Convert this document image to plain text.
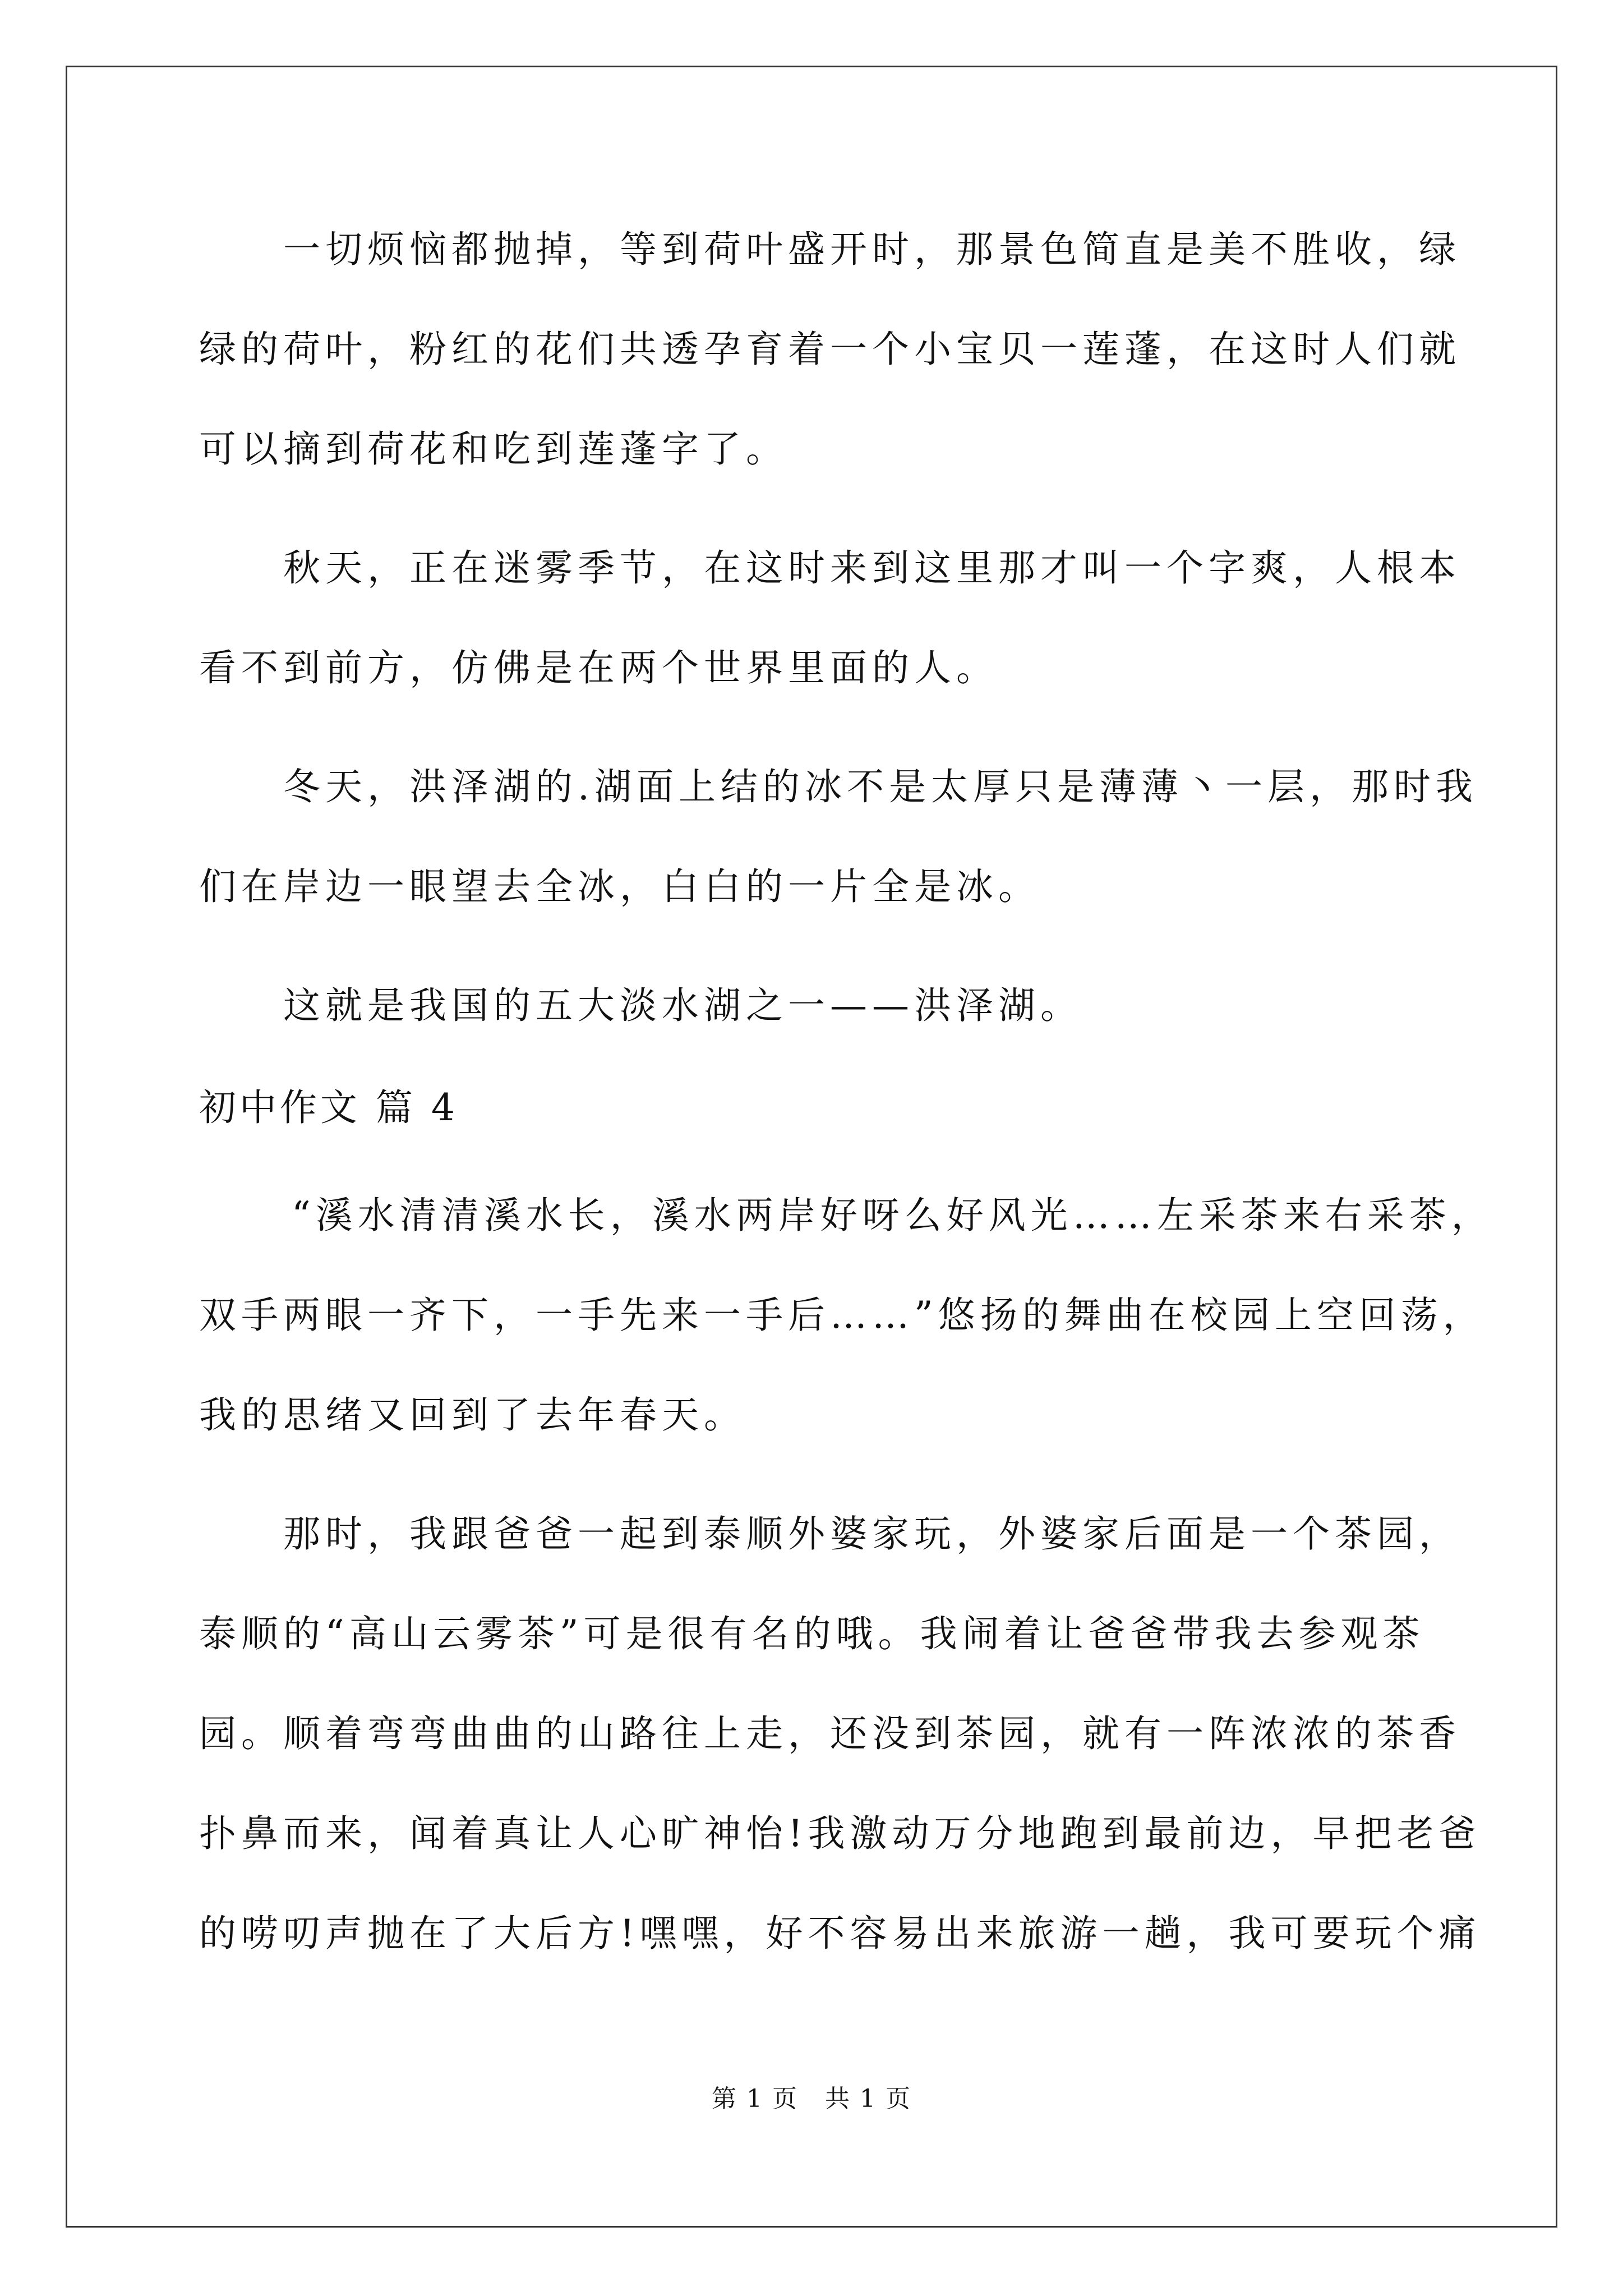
一切烦恼都抛掉，等到荷叶盛开时，那景色简直是美不胜收，绿
绿的荷叶，粉红的花们共透孕育着一个小宝贝一莲蓬，在这时人们就
可以摘到荷花和吃到莲蓬字了。
秋天，正在迷雾季节，在这时来到这里那才叫一个字爽，人根本
看不到前方，仿佛是在两个世界里面的人。
冬天，洪泽湖的.湖面上结的冰不是太厚只是薄薄丶一层，那时我
们在岸边一眼望去全冰，白白的一片全是冰。
这就是我国的五大淡水湖之一——洪泽湖。
初中作文 篇 4
“溪水清清溪水长，溪水两岸好呀么好风光……左采茶来右采茶，
双手两眼一齐下，一手先来一手后……”悠扬的舞曲在校园上空回荡，
我的思绪又回到了去年春天。
那时，我跟爸爸一起到泰顺外婆家玩，外婆家后面是一个茶园，
泰顺的“高山云雾茶”可是很有名的哦。我闹着让爸爸带我去参观茶
园。顺着弯弯曲曲的山路往上走，还没到茶园，就有一阵浓浓的茶香
扑鼻而来，闻着真让人心旷神怡!我激动万分地跑到最前边，早把老爸
的唠叨声抛在了大后方!嘿嘿，好不容易出来旅游一趟，我可要玩个痛
第 1 页   共 1 页
